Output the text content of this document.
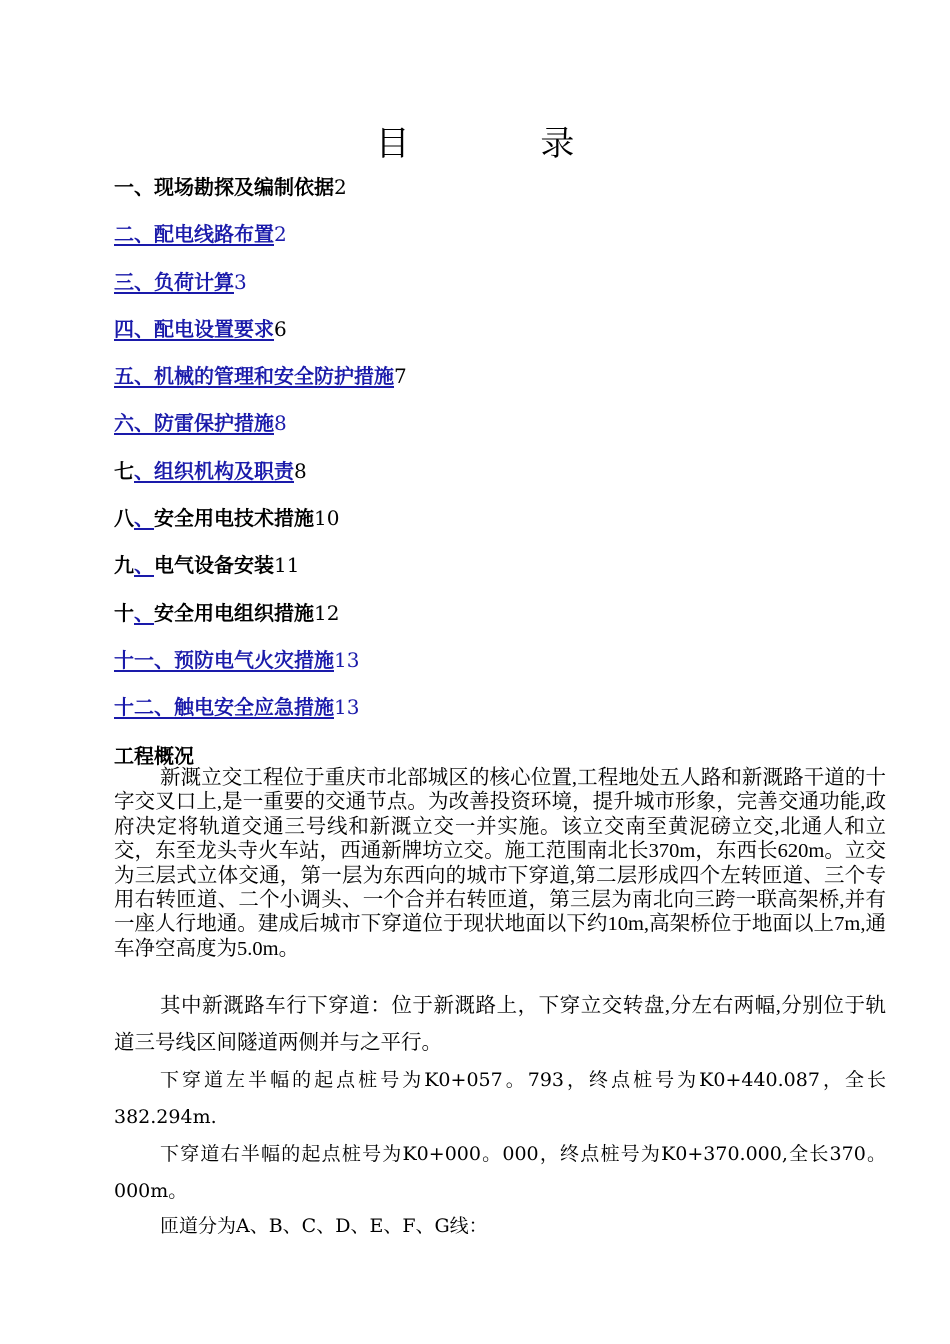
目 录
一、现场勘探及编制依据2
二、配电线路布置2
三、负荷计算3
四、配电设置要求6
五、机械的管理和安全防护措施7
六、防雷保护措施8
七、组织机构及职责8
八、安全用电技术措施10
九、电气设备安装11
十、安全用电组织措施12
十一、预防电气火灾措施13
十二、触电安全应急措施13
工程概况

新溉立交工程位于重庆市北部城区的核心位置,工程地处五人路和新溉路干道的十字交叉口上,是一重要的交通节点。为改善投资环境，提升城市形象，完善交通功能,政府决定将轨道交通三号线和新溉立交一并实施。该立交南至黄泥磅立交,北通人和立交，东至龙头寺火车站，西通新牌坊立交。施工范围南北长370m，东西长620m。立交为三层式立体交通，第一层为东西向的城市下穿道,第二层形成四个左转匝道、三个专用右转匝道、二个小调头、一个合并右转匝道，第三层为南北向三跨一联高架桥,并有一座人行地通。建成后城市下穿道位于现状地面以下约10m,高架桥位于地面以上7m,通车净空高度为5.0m。

其中新溉路车行下穿道：位于新溉路上，下穿立交转盘,分左右两幅,分别位于轨道三号线区间隧道两侧并与之平行。

下穿道左半幅的起点桩号为K0+057。793，终点桩号为K0+440.087，全长382.294m.

下穿道右半幅的起点桩号为K0+000。000，终点桩号为K0+370.000,全长370。000m。

匝道分为A、B、C、D、E、F、G线：
